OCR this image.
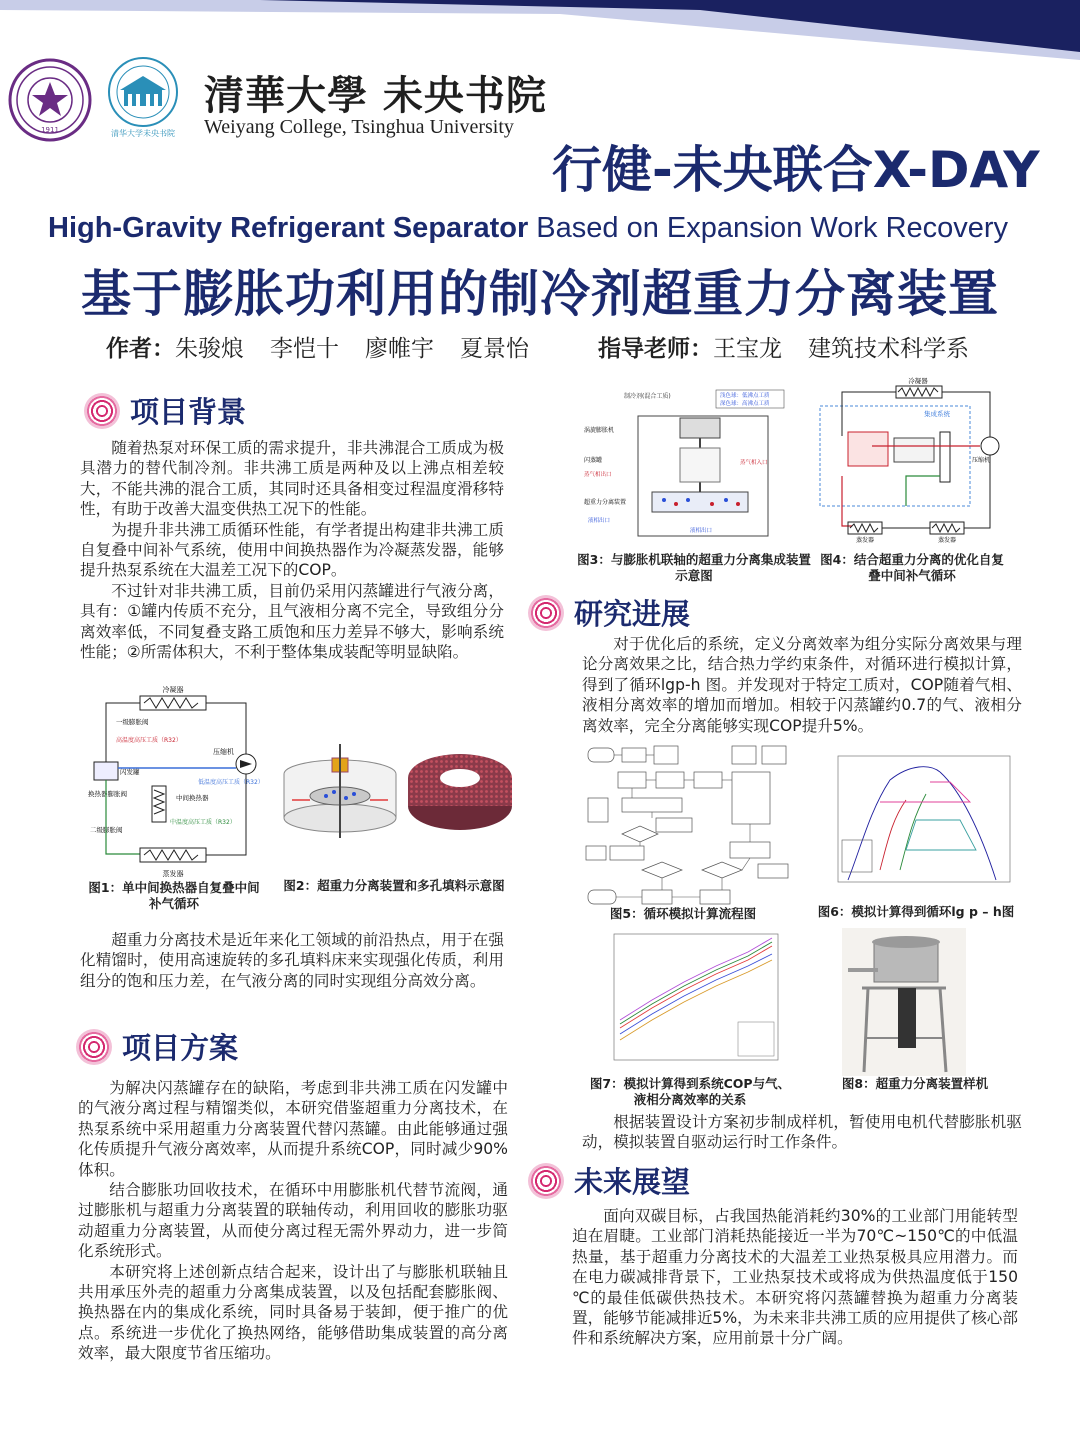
1911	清华大学未央书院
清華大學 未央书院
Weiyang College, Tsinghua University
行健-未央联合X-DAY
High-Gravity Refrigerant Separator Based on Expansion Work Recovery
基于膨胀功利用的制冷剂超重力分离装置
作者：朱骏烺 李恺十 廖帷宇 夏景怡	指导老师：王宝龙 建筑技术科学系
项目背景

随着热泵对环保工质的需求提升，非共沸混合工质成为极具潜力的替代制冷剂。非共沸工质是两种及以上沸点相差较大，不能共沸的混合工质，其同时还具备相变过程温度滑移特性，有助于改善大温变供热工况下的性能。

为提升非共沸工质循环性能，有学者提出构建非共沸工质自复叠中间补气系统，使用中间换热器作为冷凝蒸发器，能够提升热泵系统在大温差工况下的COP。

不过针对非共沸工质，目前仍采用闪蒸罐进行气液分离，具有：①罐内传质不充分，且气液相分离不完全，导致组分分离效率低，不同复叠支路工质饱和压力差异不够大，影响系统性能；②所需体积大，不利于整体集成装配等明显缺陷。

冷凝器
压缩机
一级膨胀阀
高温度高压工质（R32）
闪发罐
低温度高压工质（R32）
中间换热器
换热器膨胀阀
中温度高压工质（R32）
二级膨胀阀
蒸发器
图1：单中间换热器自复叠中间补气循环
图2：超重力分离装置和多孔填料示意图

超重力分离技术是近年来化工领域的前沿热点，用于在强化精馏时，使用高速旋转的多孔填料床来实现强化传质，利用组分的饱和压力差，在气液分离的同时实现组分高效分离。

项目方案

为解决闪蒸罐存在的缺陷，考虑到非共沸工质在闪发罐中的气液分离过程与精馏类似，本研究借鉴超重力分离技术，在热泵系统中采用超重力分离装置代替闪蒸罐。由此能够通过强化传质提升气液分离效率，从而提升系统COP，同时减少90%体积。

结合膨胀功回收技术，在循环中用膨胀机代替节流阀，通过膨胀机与超重力分离装置的联轴传动，利用回收的膨胀功驱动超重力分离装置，从而使分离过程无需外界动力，进一步简化系统形式。

本研究将上述创新点结合起来，设计出了与膨胀机联轴且共用承压外壳的超重力分离集成装置，以及包括配套膨胀阀、换热器在内的集成化系统，同时具备易于装卸，便于推广的优点。系统进一步优化了换热网络，能够借助集成装置的高分离效率，最大限度节省压缩功。

制冷剂(混合工质)	浅色球：低沸点工质
深色球：高沸点工质
涡旋膨胀机
闪蒸罐
蒸气相出口
蒸气相入口
超重力分离装置
液相出口
液相出口
图3：与膨胀机联轴的超重力分离集成装置示意图
冷凝器
集成系统
压缩机
蒸发器	蒸发器
图4：结合超重力分离的优化自复叠中间补气循环
研究进展

对于优化后的系统，定义分离效率为组分实际分离效果与理论分离效果之比，结合热力学约束条件，对循环进行模拟计算，得到了循环lgp-h 图。并发现对于特定工质对，COP随着气相、液相分离效率的增加而增加。相较于闪蒸罐约0.7的气、液相分离效率，完全分离能够实现COP提升5%。

图5：循环模拟计算流程图	图6：模拟计算得到循环lg p – h图
图7：模拟计算得到系统COP与气、液相分离效率的关系
图8：超重力分离装置样机

根据装置设计方案初步制成样机，暂使用电机代替膨胀机驱动，模拟装置自驱动运行时工作条件。

未来展望

面向双碳目标，占我国热能消耗约30%的工业部门用能转型迫在眉睫。工业部门消耗热能接近一半为70℃~150℃的中低温热量，基于超重力分离技术的大温差工业热泵极具应用潜力。而在电力碳减排背景下，工业热泵技术或将成为供热温度低于150 ℃的最佳低碳供热技术。本研究将闪蒸罐替换为超重力分离装置，能够节能减排近5%，为未来非共沸工质的应用提供了核心部件和系统解决方案，应用前景十分广阔。
